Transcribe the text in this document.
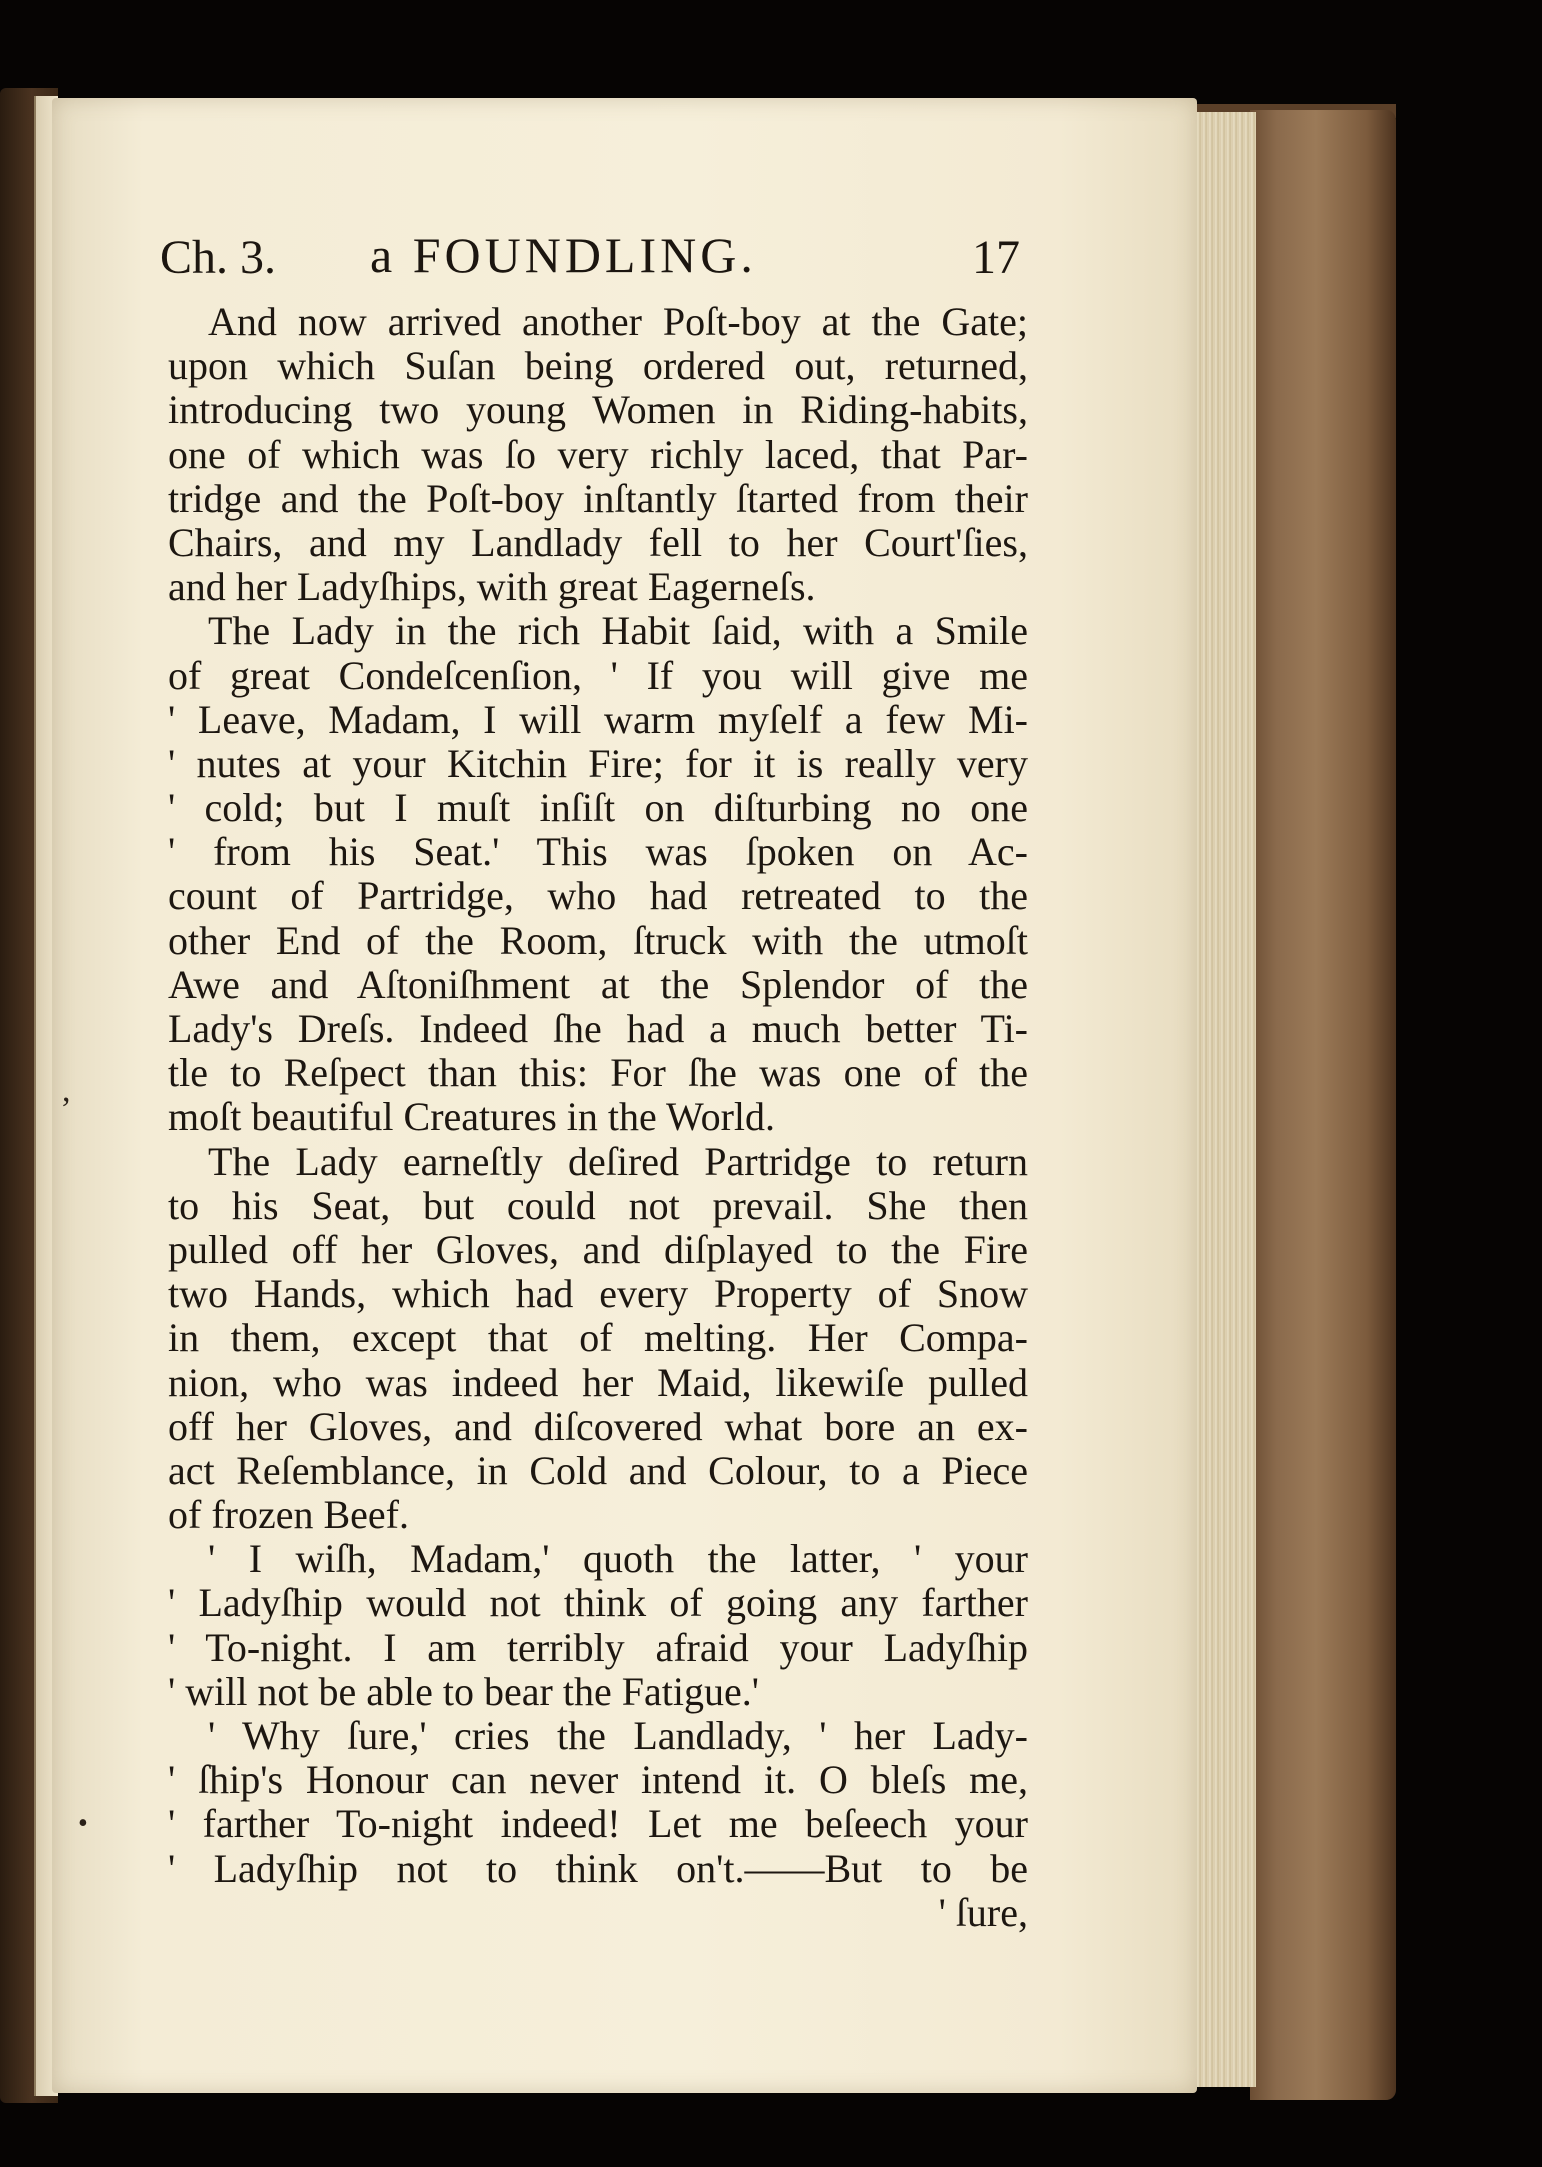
Ch. 3. a FOUNDLING.	17
And now arrived another Poſt-boy at the Gate;
upon which Suſan being ordered out, returned,
introducing two young Women in Riding-habits,
one of which was ſo very richly laced, that Par-
tridge and the Poſt-boy inſtantly ſtarted from their
Chairs, and my Landlady fell to her Court'ſies,
and her Ladyſhips, with great Eagerneſs.
The Lady in the rich Habit ſaid, with a Smile
of great Condeſcenſion, ' If you will give me
' Leave, Madam, I will warm myſelf a few Mi-
' nutes at your Kitchin Fire; for it is really very
' cold; but I muſt inſiſt on diſturbing no one
' from his Seat.' This was ſpoken on Ac-
count of Partridge, who had retreated to the
other End of the Room, ſtruck with the utmoſt
Awe and Aſtoniſhment at the Splendor of the
Lady's Dreſs. Indeed ſhe had a much better Ti-
tle to Reſpect than this: For ſhe was one of the
moſt beautiful Creatures in the World.
The Lady earneſtly deſired Partridge to return
to his Seat, but could not prevail. She then
pulled off her Gloves, and diſplayed to the Fire
two Hands, which had every Property of Snow
in them, except that of melting. Her Compa-
nion, who was indeed her Maid, likewiſe pulled
off her Gloves, and diſcovered what bore an ex-
act Reſemblance, in Cold and Colour, to a Piece
of frozen Beef.
' I wiſh, Madam,' quoth the latter, ' your
' Ladyſhip would not think of going any farther
' To-night. I am terribly afraid your Ladyſhip
' will not be able to bear the Fatigue.'
' Why ſure,' cries the Landlady, ' her Lady-
' ſhip's Honour can never intend it. O bleſs me,
' farther To-night indeed! Let me beſeech your
' Ladyſhip not to think on't.——But to be
' ſure,
,
•
